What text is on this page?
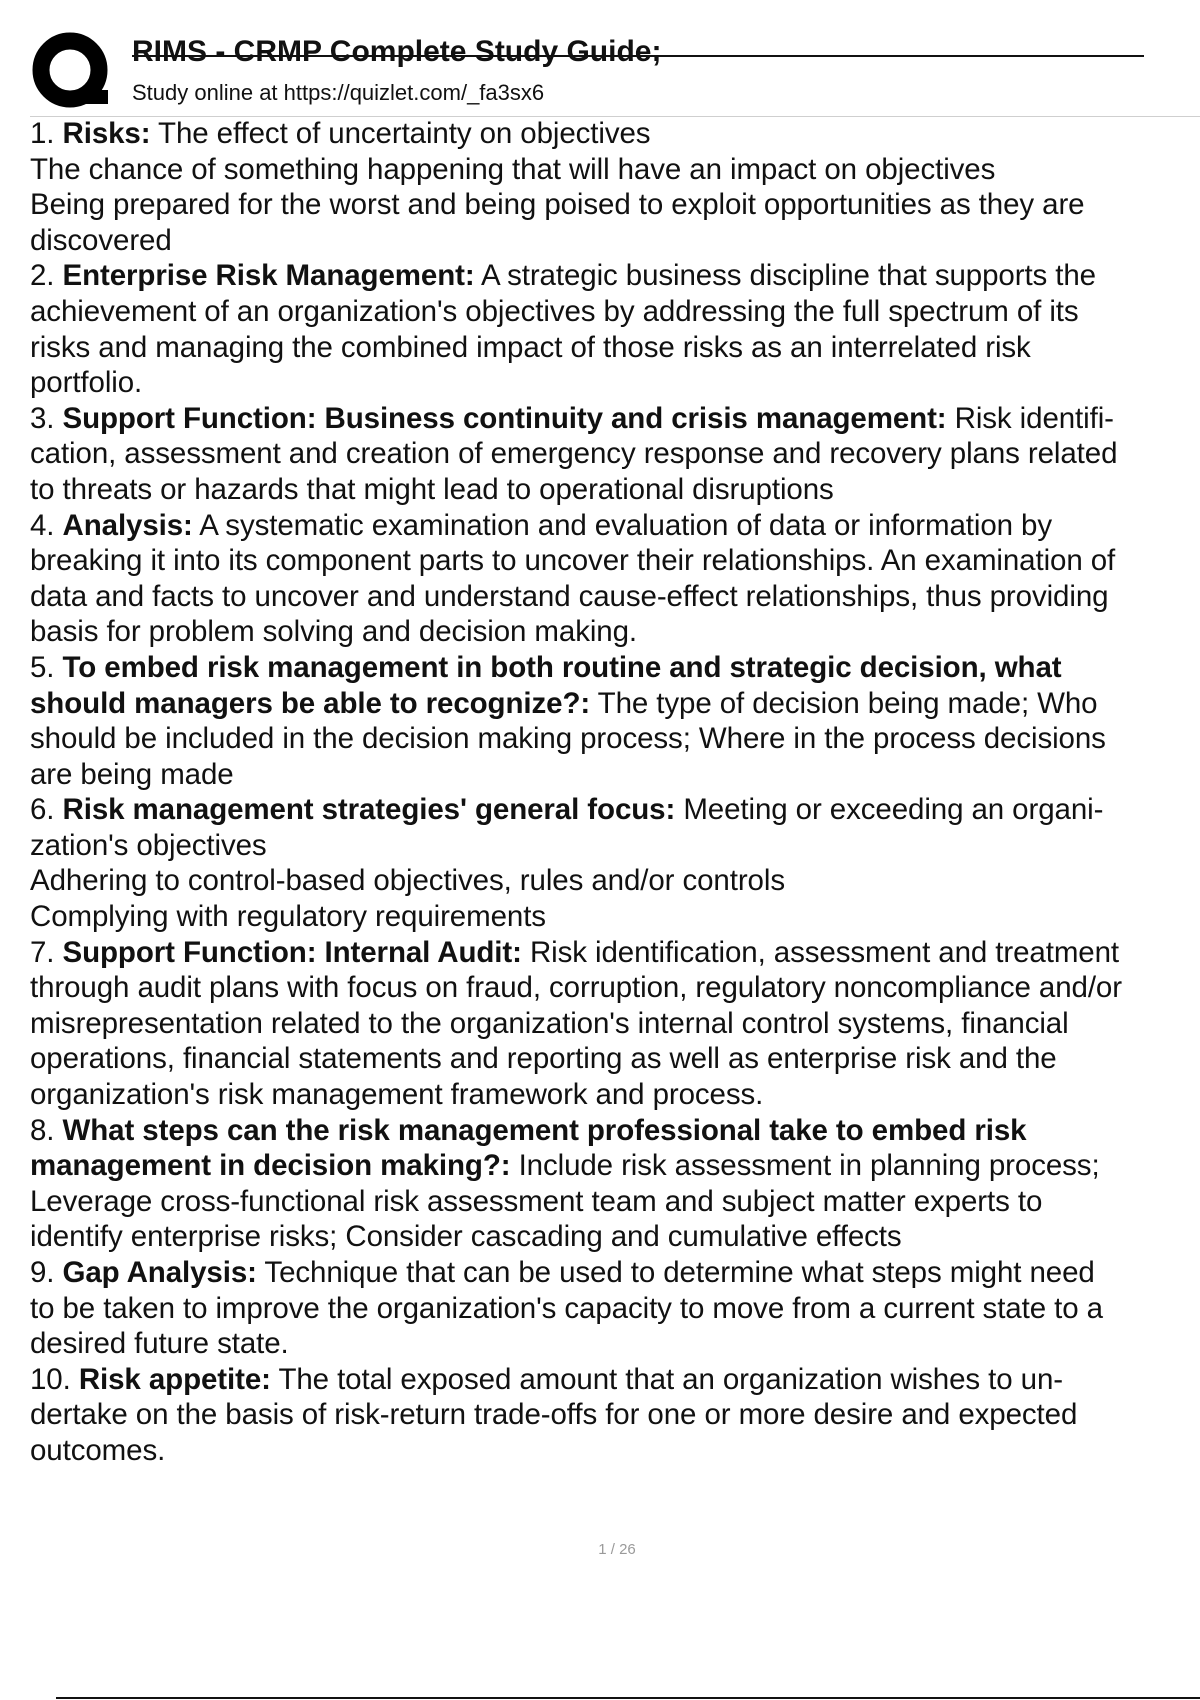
RIMS - CRMP Complete Study Guide;
Study online at https://quizlet.com/_fa3sx6
1. Risks: The effect of uncertainty on objectives
The chance of something happening that will have an impact on objectives
Being prepared for the worst and being poised to exploit opportunities as they are
discovered
2. Enterprise Risk Management: A strategic business discipline that supports the
achievement of an organization's objectives by addressing the full spectrum of its
risks and managing the combined impact of those risks as an interrelated risk
portfolio.
3. Support Function: Business continuity and crisis management: Risk identifi-
cation, assessment and creation of emergency response and recovery plans related
to threats or hazards that might lead to operational disruptions
4. Analysis: A systematic examination and evaluation of data or information by
breaking it into its component parts to uncover their relationships. An examination of
data and facts to uncover and understand cause-effect relationships, thus providing
basis for problem solving and decision making.
5. To embed risk management in both routine and strategic decision, what
should managers be able to recognize?: The type of decision being made; Who
should be included in the decision making process; Where in the process decisions
are being made
6. Risk management strategies' general focus: Meeting or exceeding an organi-
zation's objectives
Adhering to control-based objectives, rules and/or controls
Complying with regulatory requirements
7. Support Function: Internal Audit: Risk identification, assessment and treatment
through audit plans with focus on fraud, corruption, regulatory noncompliance and/or
misrepresentation related to the organization's internal control systems, financial
operations, financial statements and reporting as well as enterprise risk and the
organization's risk management framework and process.
8. What steps can the risk management professional take to embed risk
management in decision making?: Include risk assessment in planning process;
Leverage cross-functional risk assessment team and subject matter experts to
identify enterprise risks; Consider cascading and cumulative effects
9. Gap Analysis: Technique that can be used to determine what steps might need
to be taken to improve the organization's capacity to move from a current state to a
desired future state.
10. Risk appetite: The total exposed amount that an organization wishes to un-
dertake on the basis of risk-return trade-offs for one or more desire and expected
outcomes.
1 / 26
